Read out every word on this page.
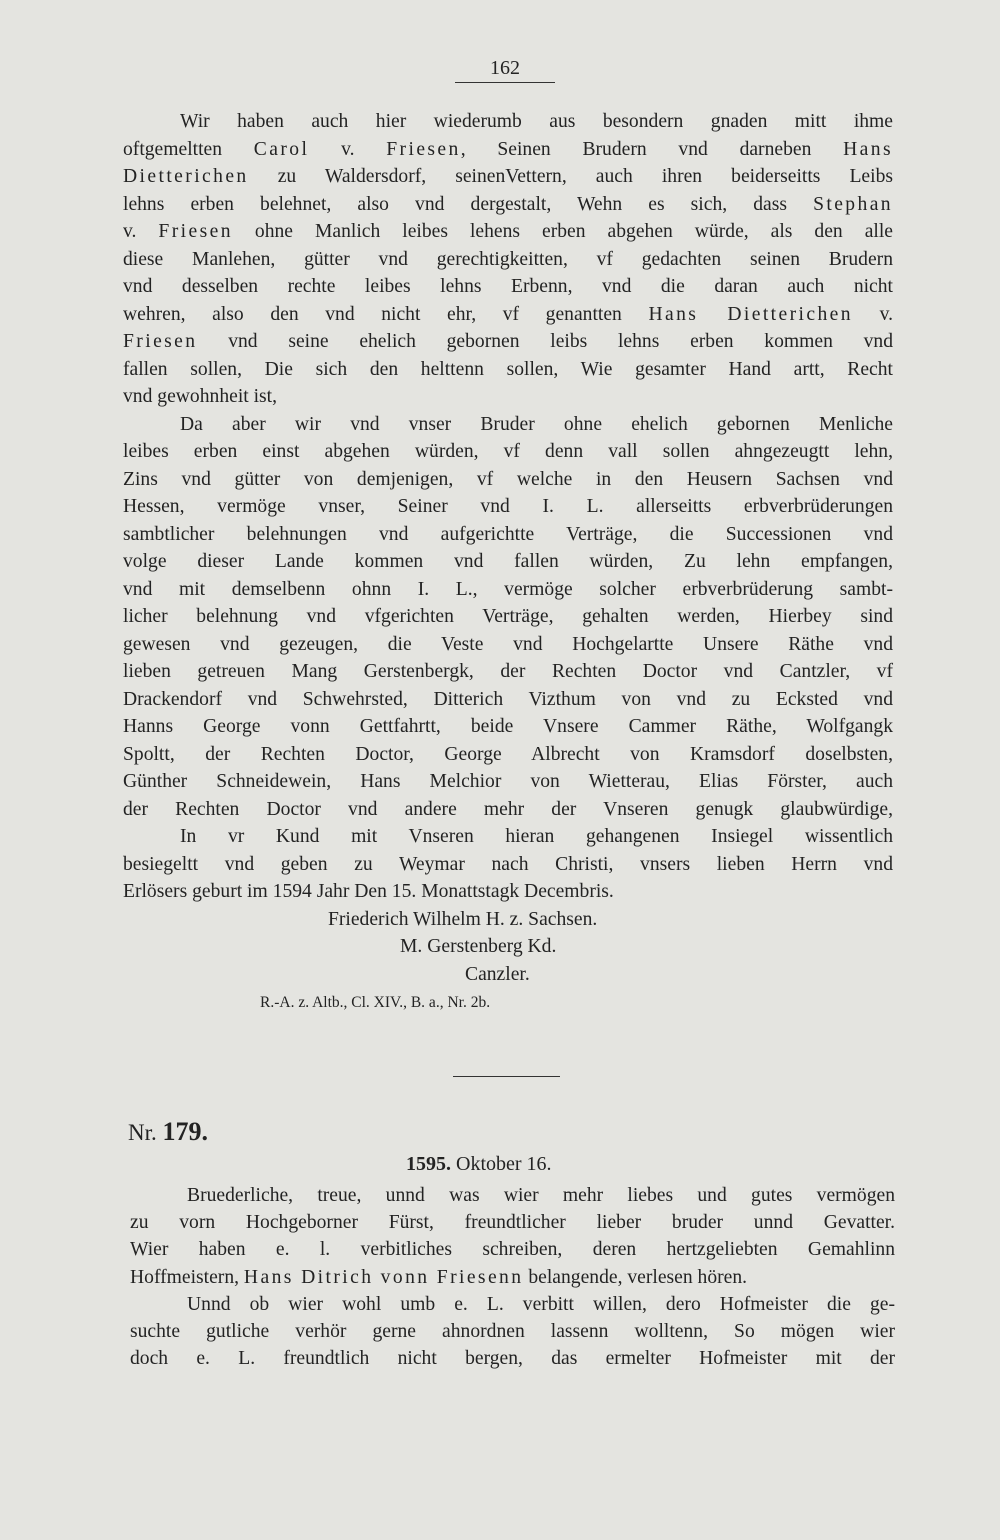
162

Wir haben auch hier wiederumb aus besondern gnaden mitt ihme

oftgemeltten Carol v. Friesen, Seinen Brudern vnd darneben Hans

Dietterichen zu Waldersdorf, seinenVettern, auch ihren beiderseitts Leibs

lehns erben belehnet, also vnd dergestalt, Wehn es sich, dass Stephan

v. Friesen ohne Manlich leibes lehens erben abgehen würde, als den alle

diese Manlehen, gütter vnd gerechtigkeitten, vf gedachten seinen Brudern

vnd desselben rechte leibes lehns Erbenn, vnd die daran auch nicht

wehren, also den vnd nicht ehr, vf genantten Hans Dietterichen v.

Friesen vnd seine ehelich gebornen leibs lehns erben kommen vnd

fallen sollen, Die sich den helttenn sollen, Wie gesamter Hand artt, Recht

vnd gewohnheit ist,

Da aber wir vnd vnser Bruder ohne ehelich gebornen Menliche

leibes erben einst abgehen würden, vf denn vall sollen ahngezeugtt lehn,

Zins vnd gütter von demjenigen, vf welche in den Heusern Sachsen vnd

Hessen, vermöge vnser, Seiner vnd I. L. allerseitts erbverbrüderungen

sambtlicher belehnungen vnd aufgerichtte Verträge, die Successionen vnd

volge dieser Lande kommen vnd fallen würden, Zu lehn empfangen,

vnd mit demselbenn ohnn I. L., vermöge solcher erbverbrüderung sambt-

licher belehnung vnd vfgerichten Verträge, gehalten werden, Hierbey sind

gewesen vnd gezeugen, die Veste vnd Hochgelartte Unsere Räthe vnd

lieben getreuen Mang Gerstenbergk, der Rechten Doctor vnd Cantzler, vf

Drackendorf vnd Schwehrsted, Ditterich Vizthum von vnd zu Ecksted vnd

Hanns George vonn Gettfahrtt, beide Vnsere Cammer Räthe, Wolfgangk

Spoltt, der Rechten Doctor, George Albrecht von Kramsdorf doselbsten,

Günther Schneidewein, Hans Melchior von Wietterau, Elias Förster, auch

der Rechten Doctor vnd andere mehr der Vnseren genugk glaubwürdige,

In vr Kund mit Vnseren hieran gehangenen Insiegel wissentlich

besiegeltt vnd geben zu Weymar nach Christi, vnsers lieben Herrn vnd

Erlösers geburt im 1594 Jahr Den 15. Monattstagk Decembris.

Friederich Wilhelm H. z. Sachsen.

M. Gerstenberg Kd.

Canzler.

R.-A. z. Altb., Cl. XIV., B. a., Nr. 2b.

Nr. 179.
1595. Oktober 16.

Bruederliche, treue, unnd was wier mehr liebes und gutes vermögen

zu vorn Hochgeborner Fürst, freundtlicher lieber bruder unnd Gevatter.

Wier haben e. l. verbitliches schreiben, deren hertzgeliebten Gemahlinn

Hoffmeistern, Hans Ditrich vonn Friesenn belangende, verlesen hören.

Unnd ob wier wohl umb e. L. verbitt willen, dero Hofmeister die ge-

suchte gutliche verhör gerne ahnordnen lassenn wolltenn, So mögen wier

doch e. L. freundtlich nicht bergen, das ermelter Hofmeister mit der
